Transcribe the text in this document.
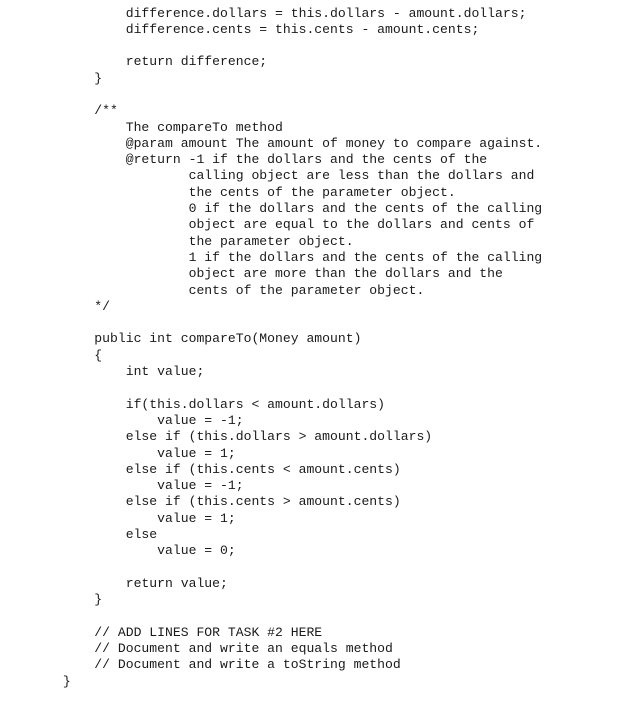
difference.dollars = this.dollars - amount.dollars;
difference.cents = this.cents - amount.cents;
return difference;
}
/**
The compareTo method
@param amount The amount of money to compare against.
@return -1 if the dollars and the cents of the
calling object are less than the dollars and
the cents of the parameter object.
0 if the dollars and the cents of the calling
object are equal to the dollars and cents of
the parameter object.
1 if the dollars and the cents of the calling
object are more than the dollars and the
cents of the parameter object.
*/
public int compareTo(Money amount)
{
int value;
if(this.dollars < amount.dollars)
value = -1;
else if (this.dollars > amount.dollars)
value = 1;
else if (this.cents < amount.cents)
value = -1;
else if (this.cents > amount.cents)
value = 1;
else
value = 0;
return value;
}
// ADD LINES FOR TASK #2 HERE
// Document and write an equals method
// Document and write a toString method
}
